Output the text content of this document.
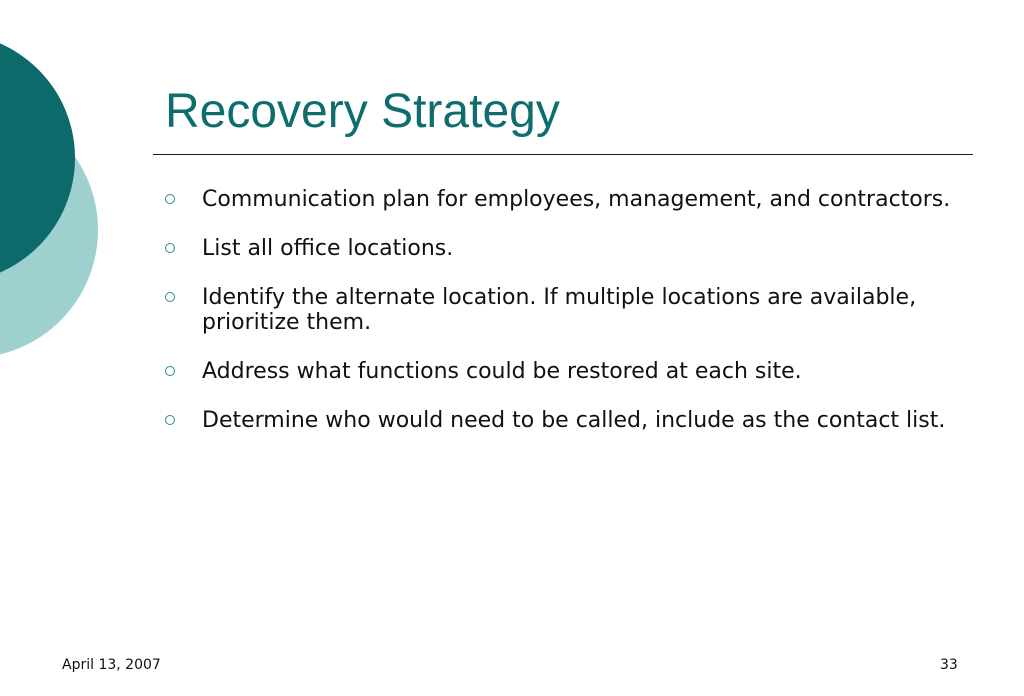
Recovery Strategy
Communication plan for employees, management, and contractors.
List all office locations.
Identify the alternate location. If multiple locations are available, prioritize them.
Address what functions could be restored at each site.
Determine who would need to be called, include as the contact list.
April 13, 2007	33
